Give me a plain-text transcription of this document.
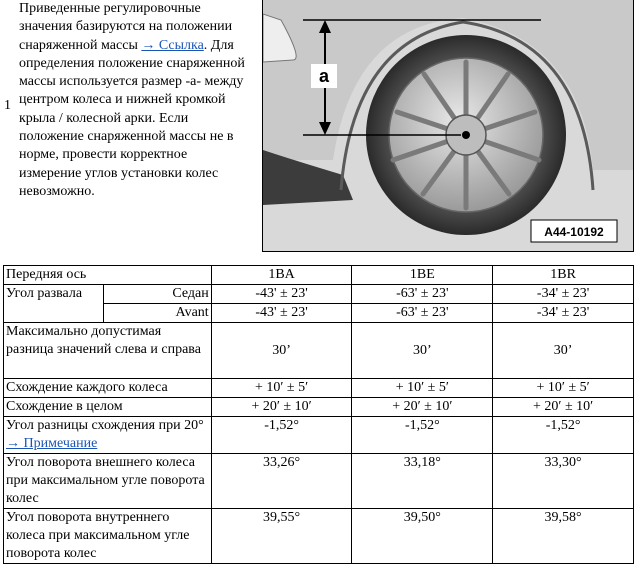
1
Приведенные регулировочные значения базируются на положении снаряженной массы → Ссылка. Для определения положение снаряженной массы используется размер -а- между центром колеса и нижней кромкой крыла / колесной арки. Если положение снаряженной массы не в норме, провести корректное измерение углов установки колес невозможно.
a
A44-10192
Передняя ось		1BA	1BE	1BR
Угол развала	Седан	-43' ± 23'	-63' ± 23'	-34' ± 23'
	Avant	-43' ± 23'	-63' ± 23'	-34' ± 23'
Максимально допустимая разница значений слева и справа		30’	30’	30’
Схождение каждого колеса		+ 10′ ± 5′	+ 10′ ± 5′	+ 10′ ± 5′
Схождение в целом		+ 20′ ± 10′	+ 20′ ± 10′	+ 20′ ± 10′
Угол разницы схождения при 20° → Примечание		-1,52°	-1,52°	-1,52°
Угол поворота внешнего колеса при максимальном угле поворота колес		33,26°	33,18°	33,30°
Угол поворота внутреннего колеса при максимальном угле поворота колес		39,55°	39,50°	39,58°
